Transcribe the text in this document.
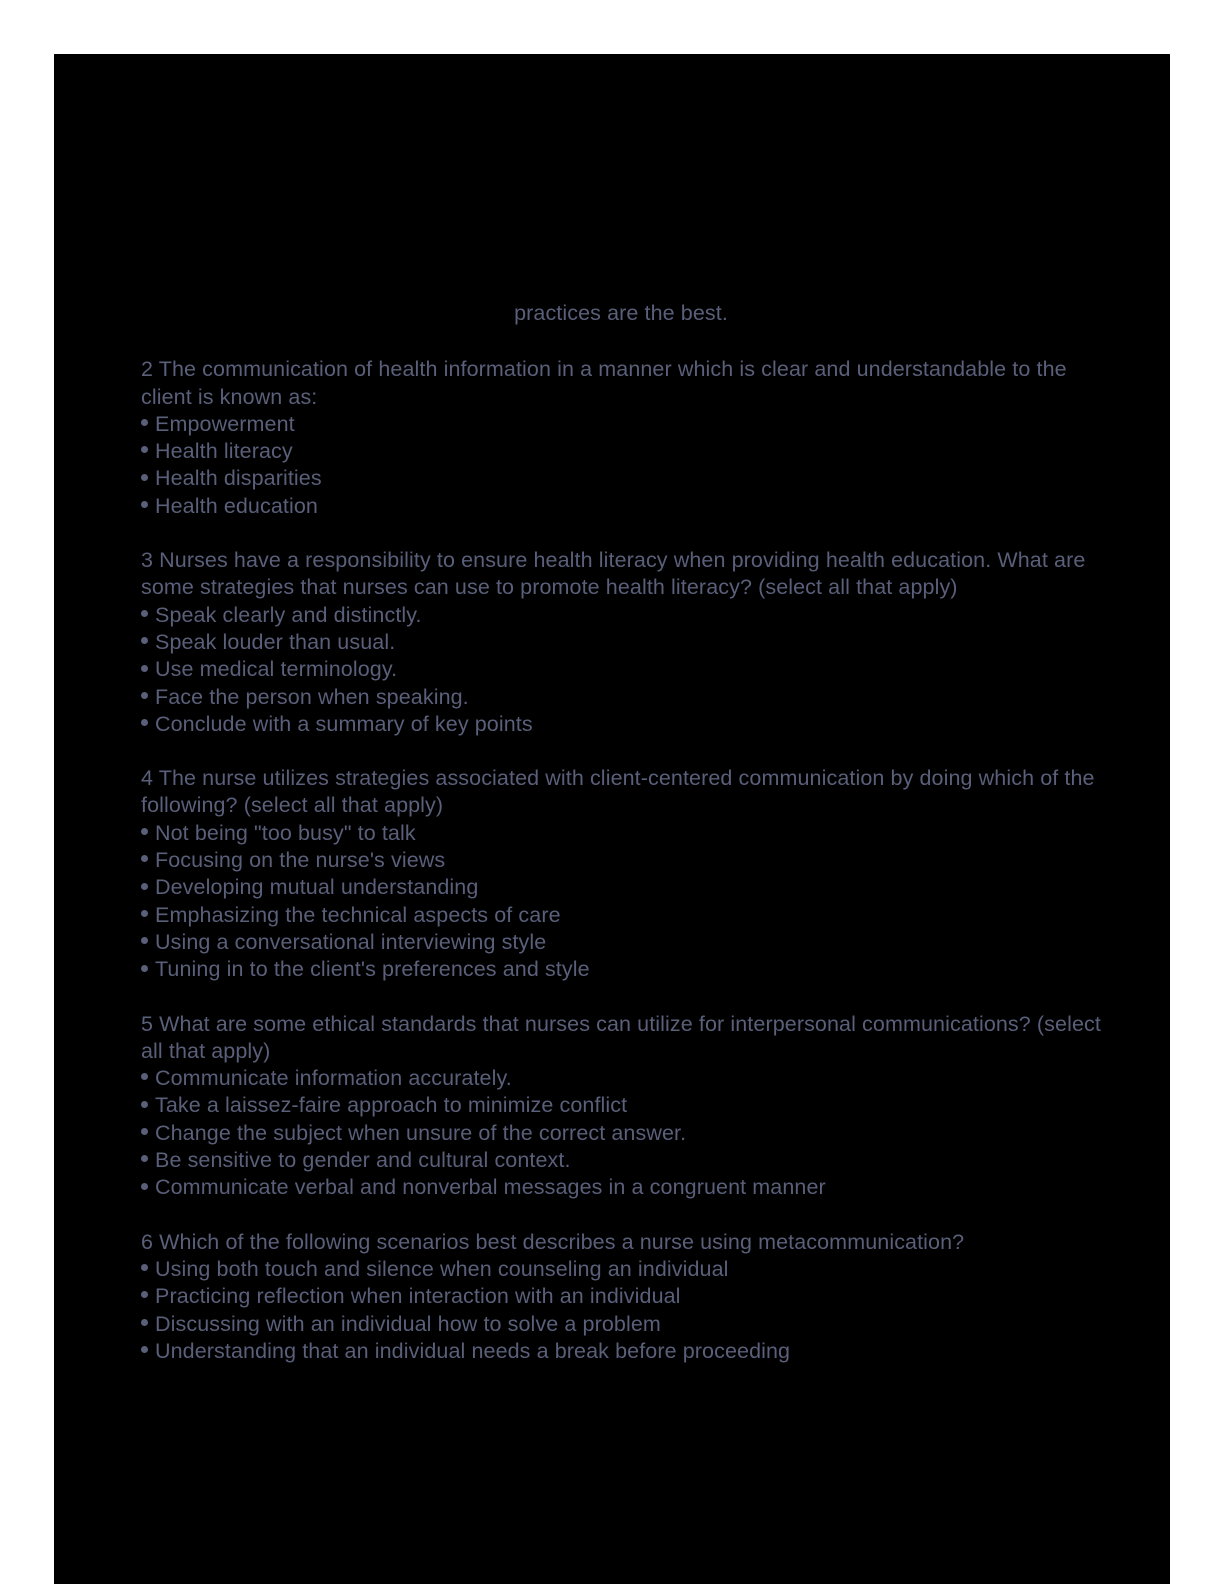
practices are the best.

2 The communication of health information in a manner which is clear and understandable to the client is known as:

Empowerment
Health literacy
Health disparities
Health education

3 Nurses have a responsibility to ensure health literacy when providing health education. What are some strategies that nurses can use to promote health literacy? (select all that apply)

Speak clearly and distinctly.
Speak louder than usual.
Use medical terminology.
Face the person when speaking.
Conclude with a summary of key points

4 The nurse utilizes strategies associated with client-centered communication by doing which of the following? (select all that apply)

Not being "too busy" to talk
Focusing on the nurse's views
Developing mutual understanding
Emphasizing the technical aspects of care
Using a conversational interviewing style
Tuning in to the client's preferences and style

5 What are some ethical standards that nurses can utilize for interpersonal communications? (select all that apply)

Communicate information accurately.
Take a laissez-faire approach to minimize conflict
Change the subject when unsure of the correct answer.
Be sensitive to gender and cultural context.
Communicate verbal and nonverbal messages in a congruent manner

6 Which of the following scenarios best describes a nurse using metacommunication?

Using both touch and silence when counseling an individual
Practicing reflection when interaction with an individual
Discussing with an individual how to solve a problem
Understanding that an individual needs a break before proceeding
